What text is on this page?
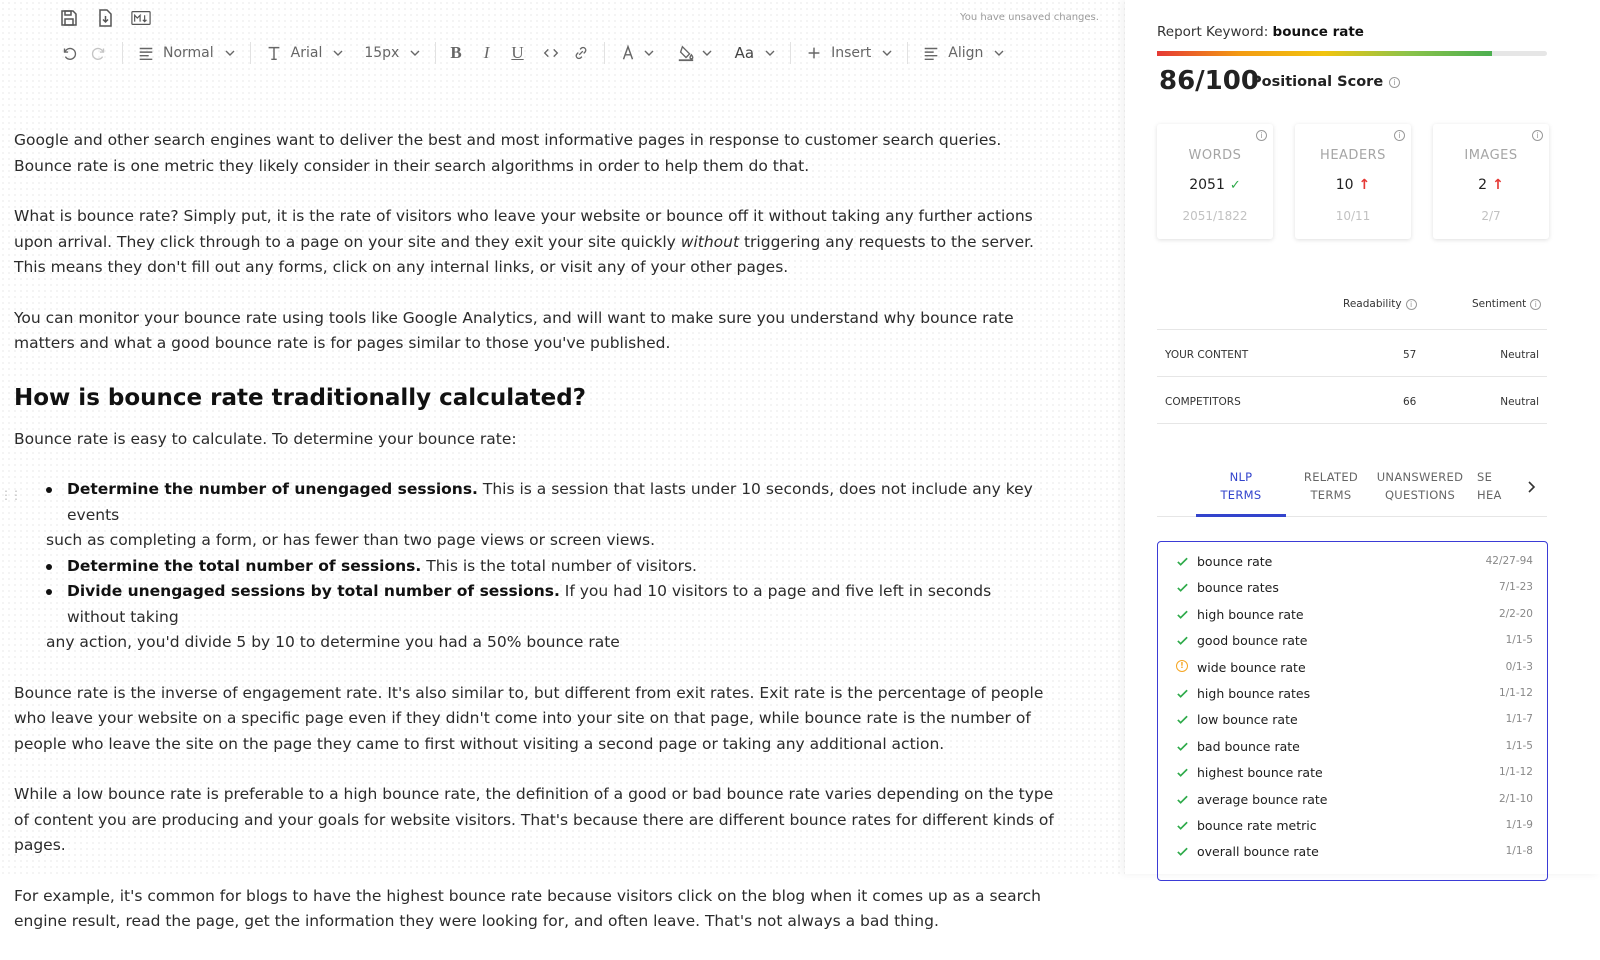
You have unsaved changes.
Normal	Arial	15px	B I U	Aa	Insert	Align
⋮⋮

Google and other search engines want to deliver the best and most informative pages in response to customer search queries. Bounce rate is one metric they likely consider in their search algorithms in order to help them do that.

What is bounce rate? Simply put, it is the rate of visitors who leave your website or bounce off it without taking any further actions upon arrival. They click through to a page on your site and they exit your site quickly without triggering any requests to the server. This means they don't fill out any forms, click on any internal links, or visit any of your other pages.

You can monitor your bounce rate using tools like Google Analytics, and will want to make sure you understand why bounce rate matters and what a good bounce rate is for pages similar to those you've published.

How is bounce rate traditionally calculated?

Bounce rate is easy to calculate. To determine your bounce rate:

Determine the number of unengaged sessions. This is a session that lasts under 10 seconds, does not include any key events
such as completing a form, or has fewer than two page views or screen views.
Determine the total number of sessions. This is the total number of visitors.
Divide unengaged sessions by total number of sessions. If you had 10 visitors to a page and five left in seconds without taking
any action, you'd divide 5 by 10 to determine you had a 50% bounce rate

Bounce rate is the inverse of engagement rate. It's also similar to, but different from exit rates. Exit rate is the percentage of people who leave your website on a specific page even if they didn't come into your site on that page, while bounce rate is the number of people who leave the site on the page they came to first without visiting a second page or taking any additional action.

While a low bounce rate is preferable to a high bounce rate, the definition of a good or bad bounce rate varies depending on the type of content you are producing and your goals for website visitors. That's because there are different bounce rates for different kinds of pages.

For example, it's common for blogs to have the highest bounce rate because visitors click on the blog when it comes up as a search engine result, read the page, get the information they were looking for, and often leave. That's not always a bad thing.

Report Keyword: bounce rate
86/100
Positional Score	i
i
WORDS
2051 ✓
2051/1822
i
HEADERS
10 ↑
10/11
i
IMAGES
2 ↑
2/7
Readability	i	Sentiment	i
YOUR CONTENT	57	Neutral
COMPETITORS	66	Neutral
NLP
TERMS
RELATED
TERMS
UNANSWERED
QUESTIONS
SE
HEA
bounce rate	42/27-94
bounce rates	7/1-23
high bounce rate	2/2-20
good bounce rate	1/1-5
!	wide bounce rate	0/1-3
high bounce rates	1/1-12
low bounce rate	1/1-7
bad bounce rate	1/1-5
highest bounce rate	1/1-12
average bounce rate	2/1-10
bounce rate metric	1/1-9
overall bounce rate	1/1-8
